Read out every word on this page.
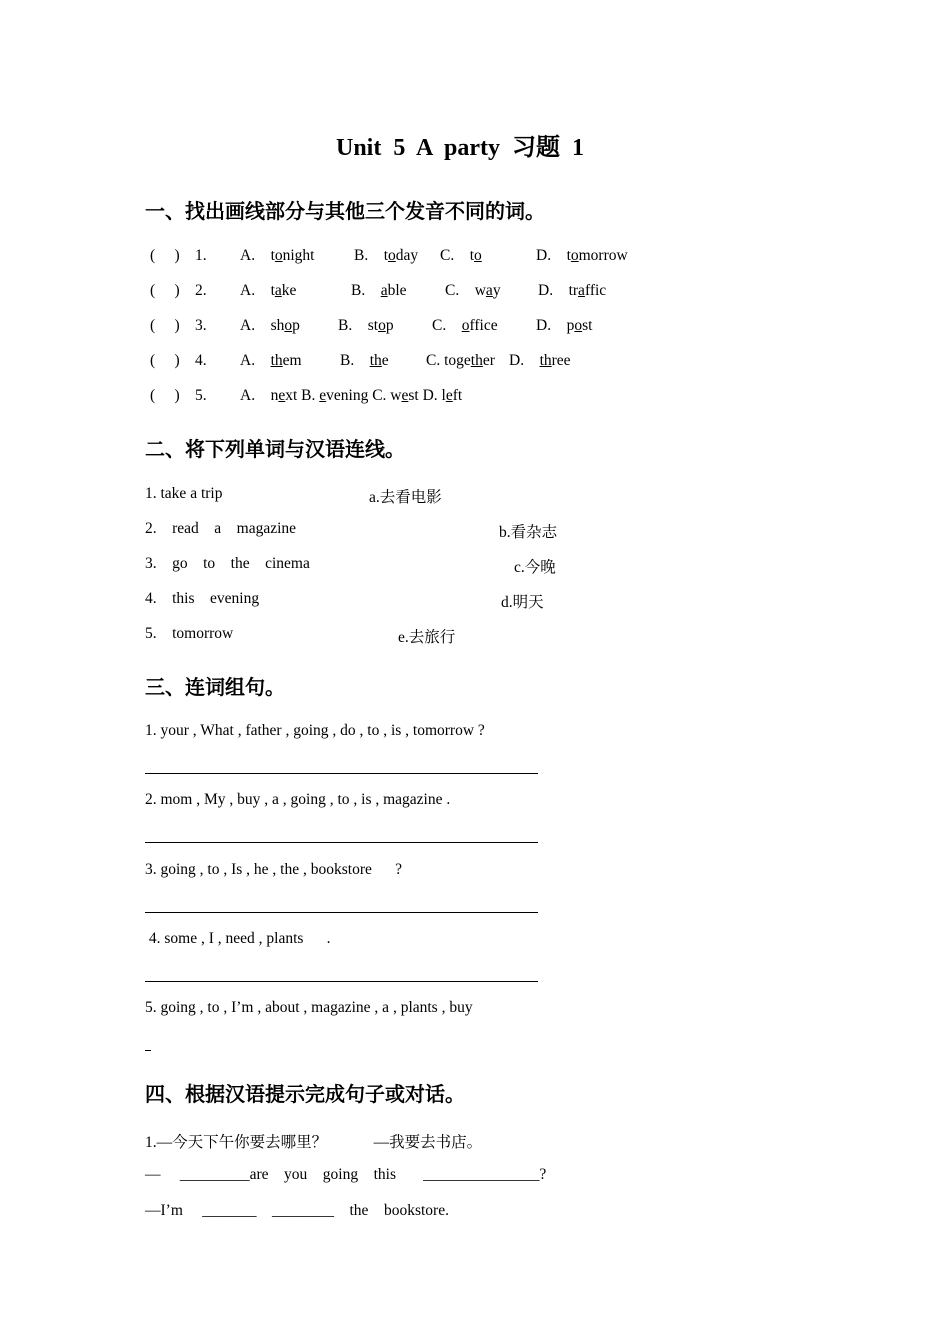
Unit  5  A  party  习题  1
一、找出画线部分与其他三个发音不同的词。
(     ) 1. A.    tonight	B.    today C.    to	D.    tomorrow
(     ) 2. A.    take	B.    able C.    way D.    traffic
(     ) 3. A.    shop B.    stop C.    office D.    post
(     ) 4. A.    them B.    the C. together D.    three
(     ) 5. A.    next B. evening C. west D. left
二、将下列单词与汉语连线。
1. take a trip
2.    read    a    magazine
3.    go    to    the    cinema
4.    this    evening
5.    tomorrow
a.去看电影
b.看杂志
c.今晚
d.明天
e.去旅行
三、连词组句。
1. your , What , father , going , do , to , is , tomorrow ?
2. mom , My , buy , a , going , to , is , magazine .
3. going , to , Is , he , the , bookstore      ?
4. some , I , need , plants      .
5. going , to , I’m , about , magazine , a , plants , buy
四、根据汉语提示完成句子或对话。
1.—今天下午你要去哪里？            —我要去书店。
—     _________are    you    going    this       _______________?
—I’m     _______    ________    the    bookstore.
